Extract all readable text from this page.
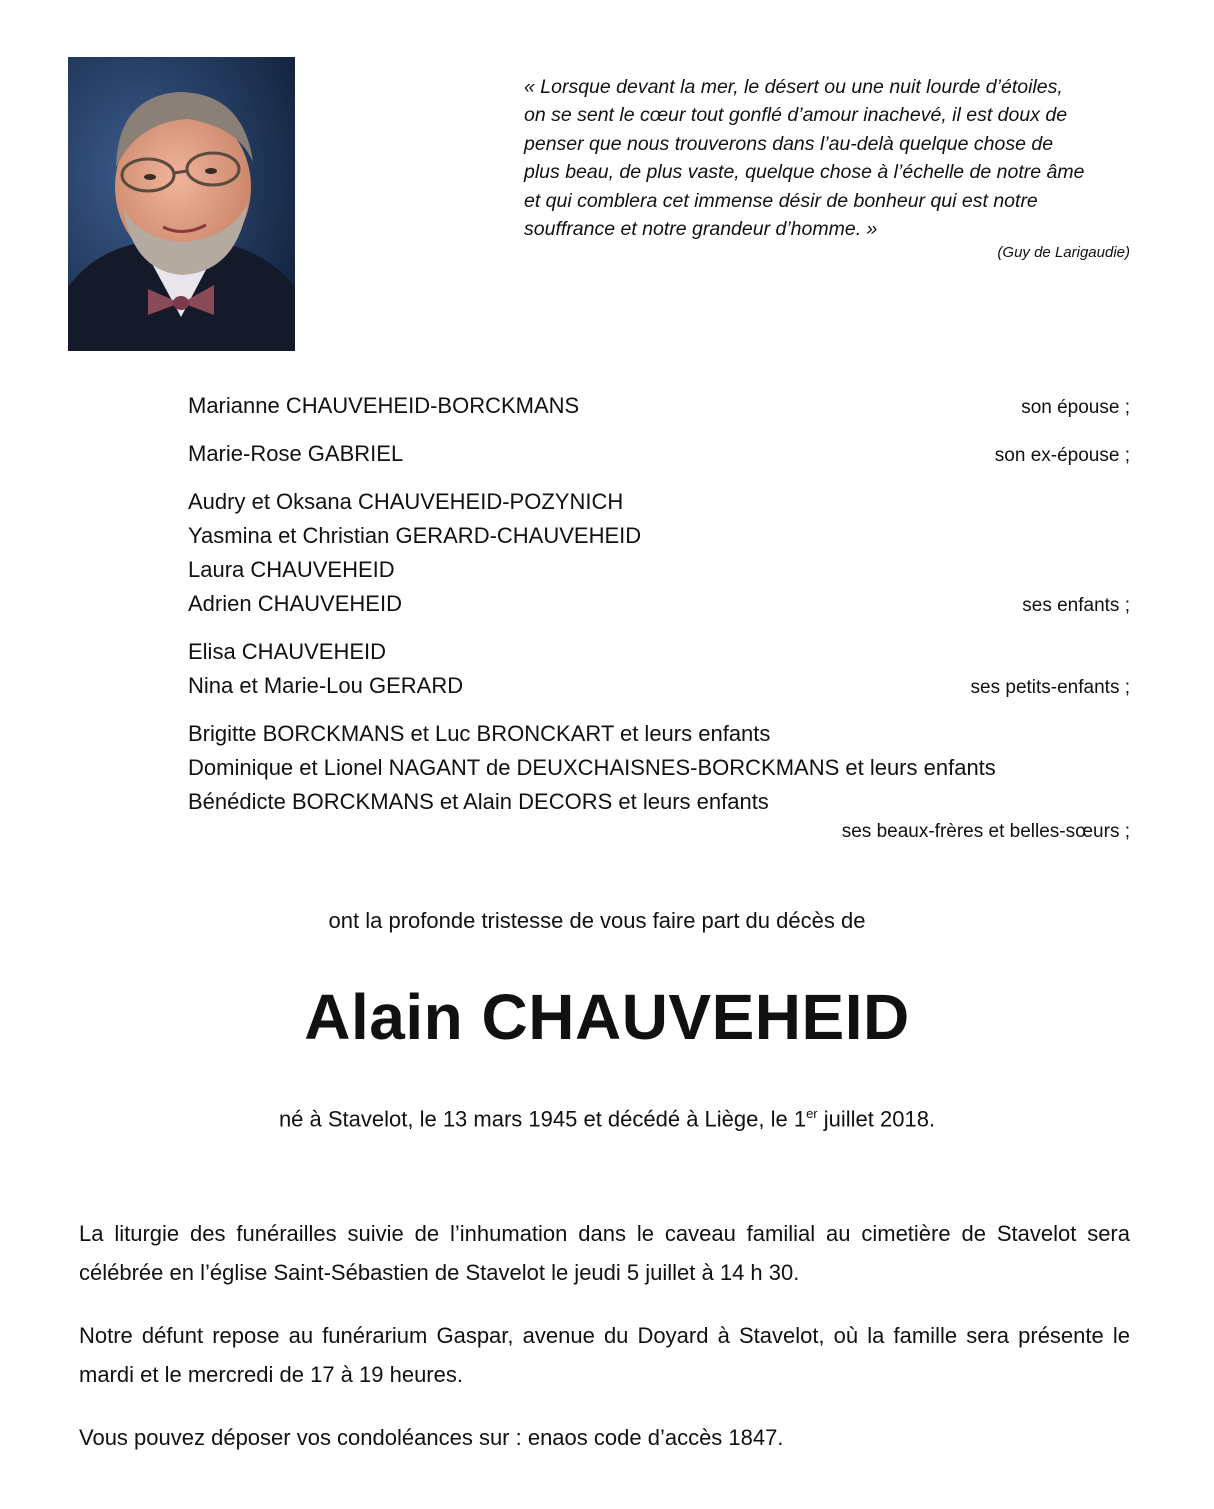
« Lorsque devant la mer, le désert ou une nuit lourde d’étoiles,
on se sent le cœur tout gonflé d’amour inachevé, il est doux de
penser que nous trouverons dans l’au-delà quelque chose de
plus beau, de plus vaste, quelque chose à l’échelle de notre âme
et qui comblera cet immense désir de bonheur qui est notre
souffrance et notre grandeur d’homme. »
(Guy de Larigaudie)
Marianne CHAUVEHEID-BORCKMANS	son épouse ;
Marie-Rose GABRIEL	son ex-épouse ;
Audry et Oksana CHAUVEHEID-POZYNICH
Yasmina et Christian GERARD-CHAUVEHEID
Laura CHAUVEHEID
Adrien CHAUVEHEID	ses enfants ;
Elisa CHAUVEHEID
Nina et Marie-Lou GERARD	ses petits-enfants ;
Brigitte BORCKMANS et Luc BRONCKART et leurs enfants
Dominique et Lionel NAGANT de DEUXCHAISNES-BORCKMANS et leurs enfants
Bénédicte BORCKMANS et Alain DECORS et leurs enfants
ses beaux-frères et belles-sœurs ;
ont la profonde tristesse de vous faire part du décès de
Alain CHAUVEHEID
né à Stavelot, le 13 mars 1945 et décédé à Liège, le 1er juillet 2018.
La liturgie des funérailles suivie de l’inhumation dans le caveau familial au cimetière de Stavelot sera célébrée en l’église Saint-Sébastien de Stavelot le jeudi 5 juillet à 14 h 30.
Notre défunt repose au funérarium Gaspar, avenue du Doyard à Stavelot, où la famille sera présente le mardi et le mercredi de 17 à 19 heures.
Vous pouvez déposer vos condoléances sur : enaos code d’accès 1847.
